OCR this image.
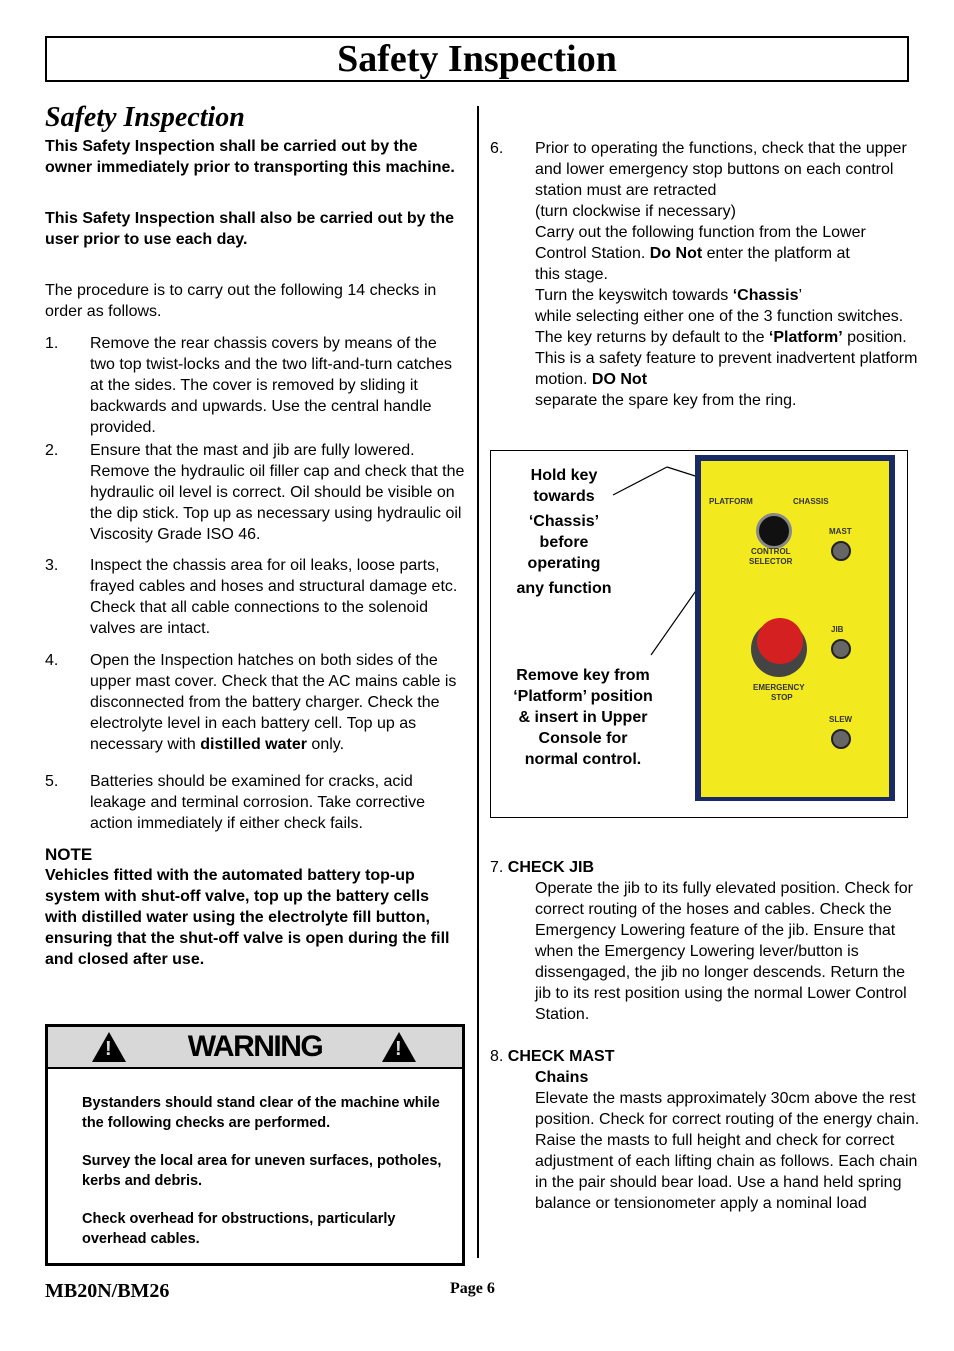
Safety Inspection
Safety Inspection

This Safety Inspection shall be carried out by the owner immediately prior to transporting this machine.

This Safety Inspection shall also be carried out by the user prior to use each day.

The procedure is to carry out the following 14 checks in order as follows.

1. Remove the rear chassis covers by means of the two top twist-locks and the two lift-and-turn catches at the sides. The cover is removed by sliding it backwards and upwards. Use the central handle provided.
2. Ensure that the mast and jib are fully lowered. Remove the hydraulic oil filler cap and check that the hydraulic oil level is correct. Oil should be visible on the dip stick. Top up as necessary using hydraulic oil Viscosity Grade ISO 46.
3. Inspect the chassis area for oil leaks, loose parts, frayed cables and hoses and structural damage etc. Check that all cable connections to the solenoid valves are intact.
4. Open the Inspection hatches on both sides of the upper mast cover. Check that the AC mains cable is disconnected from the battery charger. Check the electrolyte level in each battery cell. Top up as necessary with distilled water only.
5. Batteries should be examined for cracks, acid leakage and terminal corrosion. Take corrective action immediately if either check fails.

NOTE

Vehicles fitted with the automated battery top-up system with shut-off valve, top up the battery cells with distilled water using the electrolyte fill button, ensuring that the shut-off valve is open during the fill and closed after use.

!
WARNING
!

Bystanders should stand clear of the machine while the following checks are performed.

Survey the local area for uneven surfaces, potholes, kerbs and debris.

Check overhead for obstructions, particularly overhead cables.

6. Prior to operating the functions, check that the upper and lower emergency stop buttons on each control station must are retracted
(turn clockwise if necessary)
Carry out the following function from the Lower Control Station. Do Not enter the platform at
this stage.
Turn the keyswitch towards ‘Chassis’
while selecting either one of the 3 function switches. The key returns by default to the ‘Platform’ position. This is a safety feature to prevent inadvertent platform motion. DO Not
separate the spare key from the ring.
Hold key
towards
‘Chassis’
before
operating
any function
Remove key from
‘Platform’ position
& insert in Upper
Console for
normal control.
PLATFORM	CHASSIS
CONTROL
SELECTOR
MAST
JIB
EMERGENCY
STOP
SLEW
7. CHECK JIB
Operate the jib to its fully elevated position. Check for correct routing of the hoses and cables. Check the Emergency Lowering feature of the jib. Ensure that when the Emergency Lowering lever/button is dissengaged, the jib no longer descends. Return the jib to its rest position using the normal Lower Control Station.
8. CHECK MAST
Chains
Elevate the masts approximately 30cm above the rest position. Check for correct routing of the energy chain. Raise the masts to full height and check for correct adjustment of each lifting chain as follows. Each chain in the pair should bear load. Use a hand held spring balance or tensionometer apply a nominal load
MB20N/BM26	Page 6
